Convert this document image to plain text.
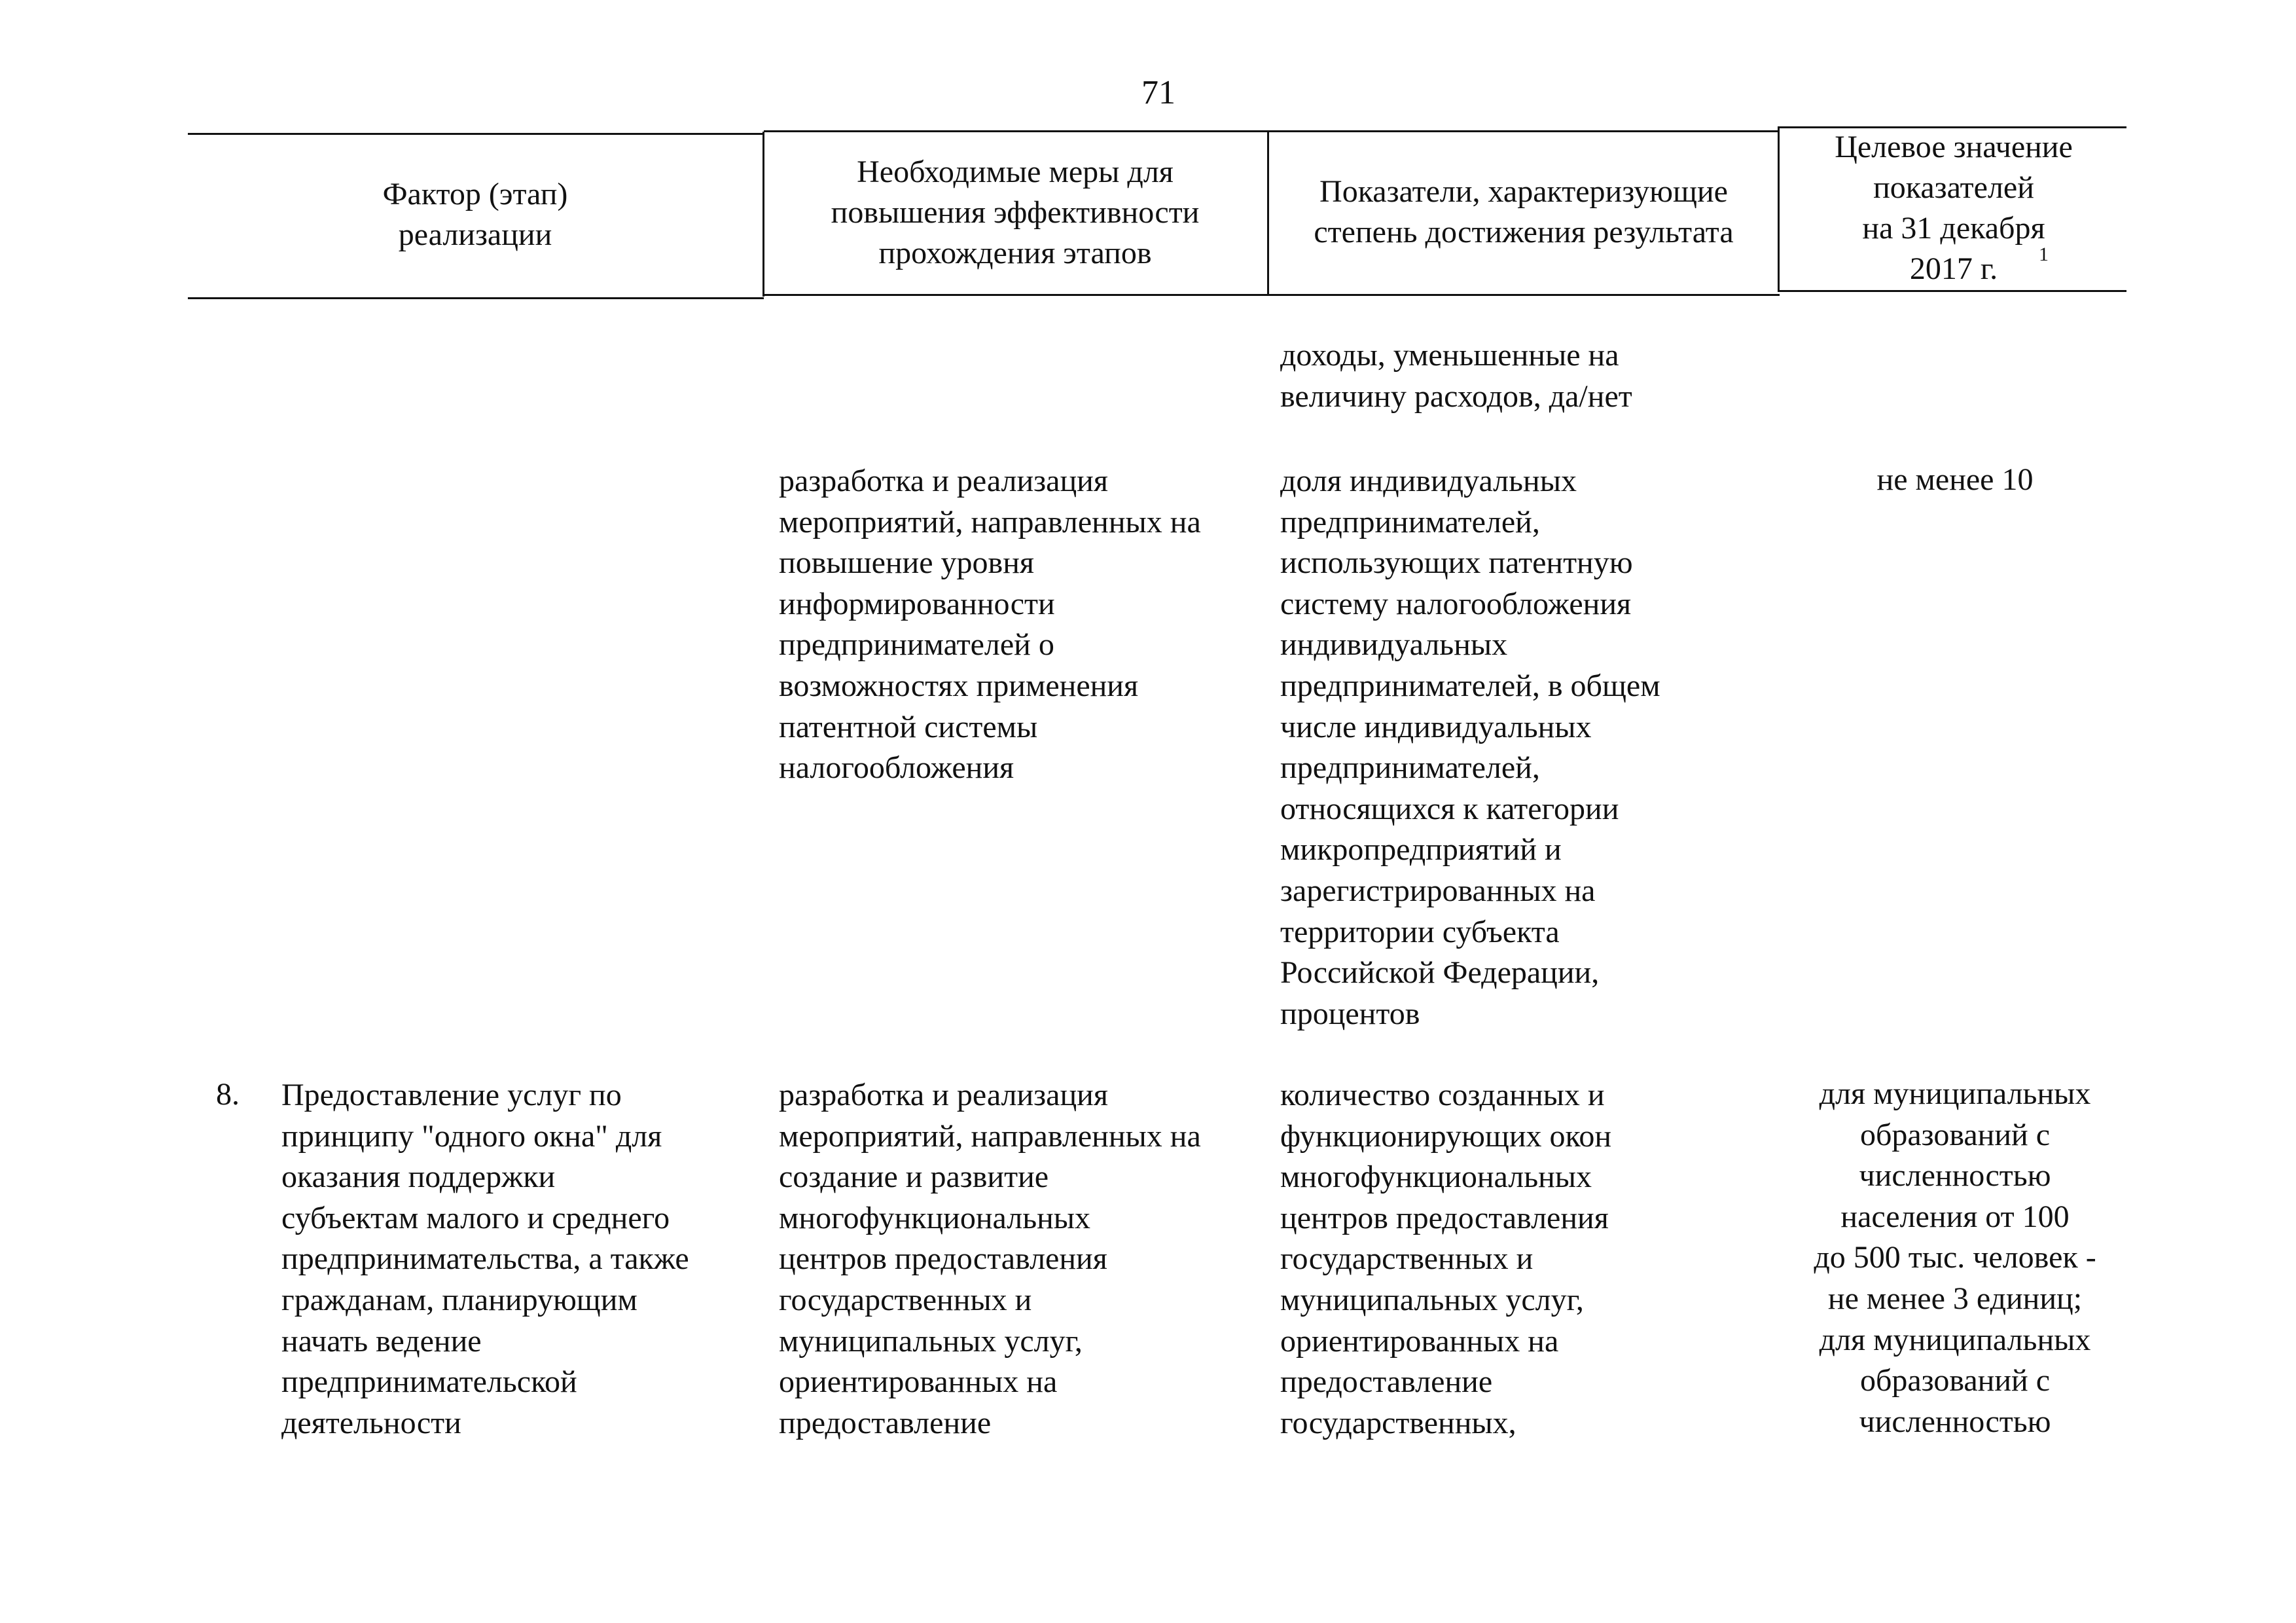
71
Фактор (этап)
реализации
Необходимые меры для
повышения эффективности
прохождения этапов
Показатели, характеризующие
степень достижения результата
Целевое значение
показателей
на 31 декабря
2017 г.	1
доходы, уменьшенные на
величину расходов, да/нет
разработка и реализация
мероприятий, направленных на
повышение уровня
информированности
предпринимателей о
возможностях применения
патентной системы
налогообложения
доля индивидуальных
предпринимателей,
использующих патентную
систему налогообложения
индивидуальных
предпринимателей, в общем
числе индивидуальных
предпринимателей,
относящихся к категории
микропредприятий и
зарегистрированных на
территории субъекта
Российской Федерации,
процентов
не менее 10
8. Предоставление услуг по
принципу "одного окна" для
оказания поддержки
субъектам малого и среднего
предпринимательства, а также
гражданам, планирующим
начать ведение
предпринимательской
деятельности
разработка и реализация
мероприятий, направленных на
создание и развитие
многофункциональных
центров предоставления
государственных и
муниципальных услуг,
ориентированных на
предоставление
количество созданных и
функционирующих окон
многофункциональных
центров предоставления
государственных и
муниципальных услуг,
ориентированных на
предоставление
государственных,
для муниципальных
образований с
численностью
населения от 100
до 500 тыс. человек -
не менее 3 единиц;
для муниципальных
образований с
численностью
